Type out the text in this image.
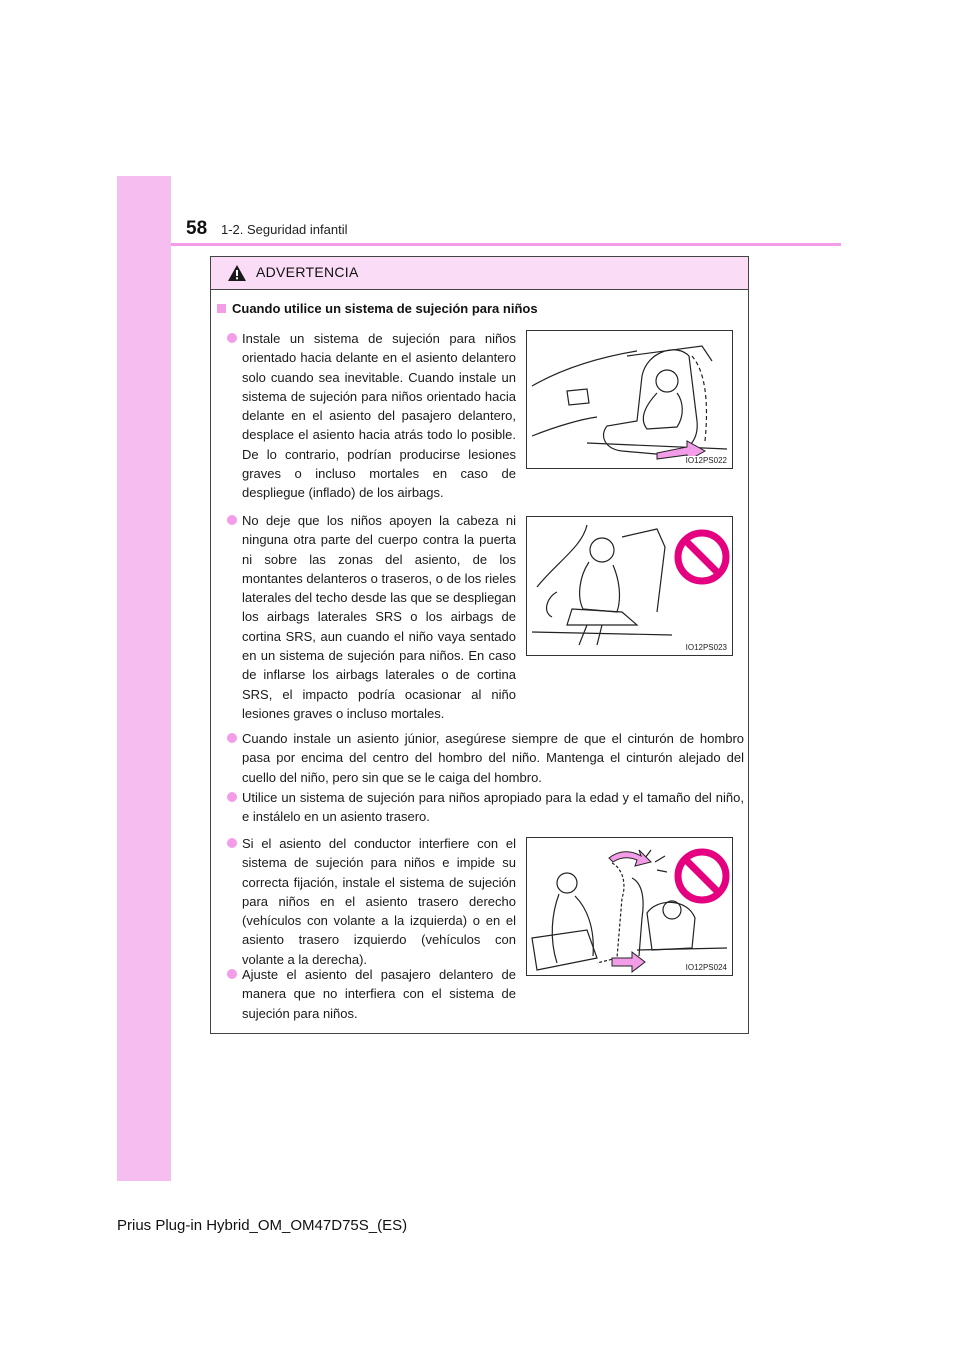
58 1-2. Seguridad infantil
ADVERTENCIA
Cuando utilice un sistema de sujeción para niños
Instale un sistema de sujeción para niños orientado hacia delante en el asiento delantero solo cuando sea inevitable. Cuando instale un sistema de sujeción para niños orientado hacia delante en el asiento del pasajero delantero, desplace el asiento hacia atrás todo lo posible. De lo contrario, podrían producirse lesiones graves o incluso mortales en caso de despliegue (inflado) de los airbags.
IO12PS022
No deje que los niños apoyen la cabeza ni ninguna otra parte del cuerpo contra la puerta ni sobre las zonas del asiento, de los montantes delanteros o traseros, o de los rieles laterales del techo desde las que se despliegan los airbags laterales SRS o los airbags de cortina SRS, aun cuando el niño vaya sentado en un sistema de sujeción para niños. En caso de inflarse los airbags laterales o de cortina SRS, el impacto podría ocasionar al niño lesiones graves o incluso mortales.
IO12PS023
Cuando instale un asiento júnior, asegúrese siempre de que el cinturón de hombro pasa por encima del centro del hombro del niño. Mantenga el cinturón alejado del cuello del niño, pero sin que se le caiga del hombro.
Utilice un sistema de sujeción para niños apropiado para la edad y el tamaño del niño, e instálelo en un asiento trasero.
Si el asiento del conductor interfiere con el sistema de sujeción para niños e impide su correcta fijación, instale el sistema de sujeción para niños en el asiento trasero derecho (vehículos con volante a la izquierda) o en el asiento trasero izquierdo (vehículos con volante a la derecha).
Ajuste el asiento del pasajero delantero de manera que no interfiera con el sistema de sujeción para niños.
IO12PS024
Prius Plug-in Hybrid_OM_OM47D75S_(ES)
